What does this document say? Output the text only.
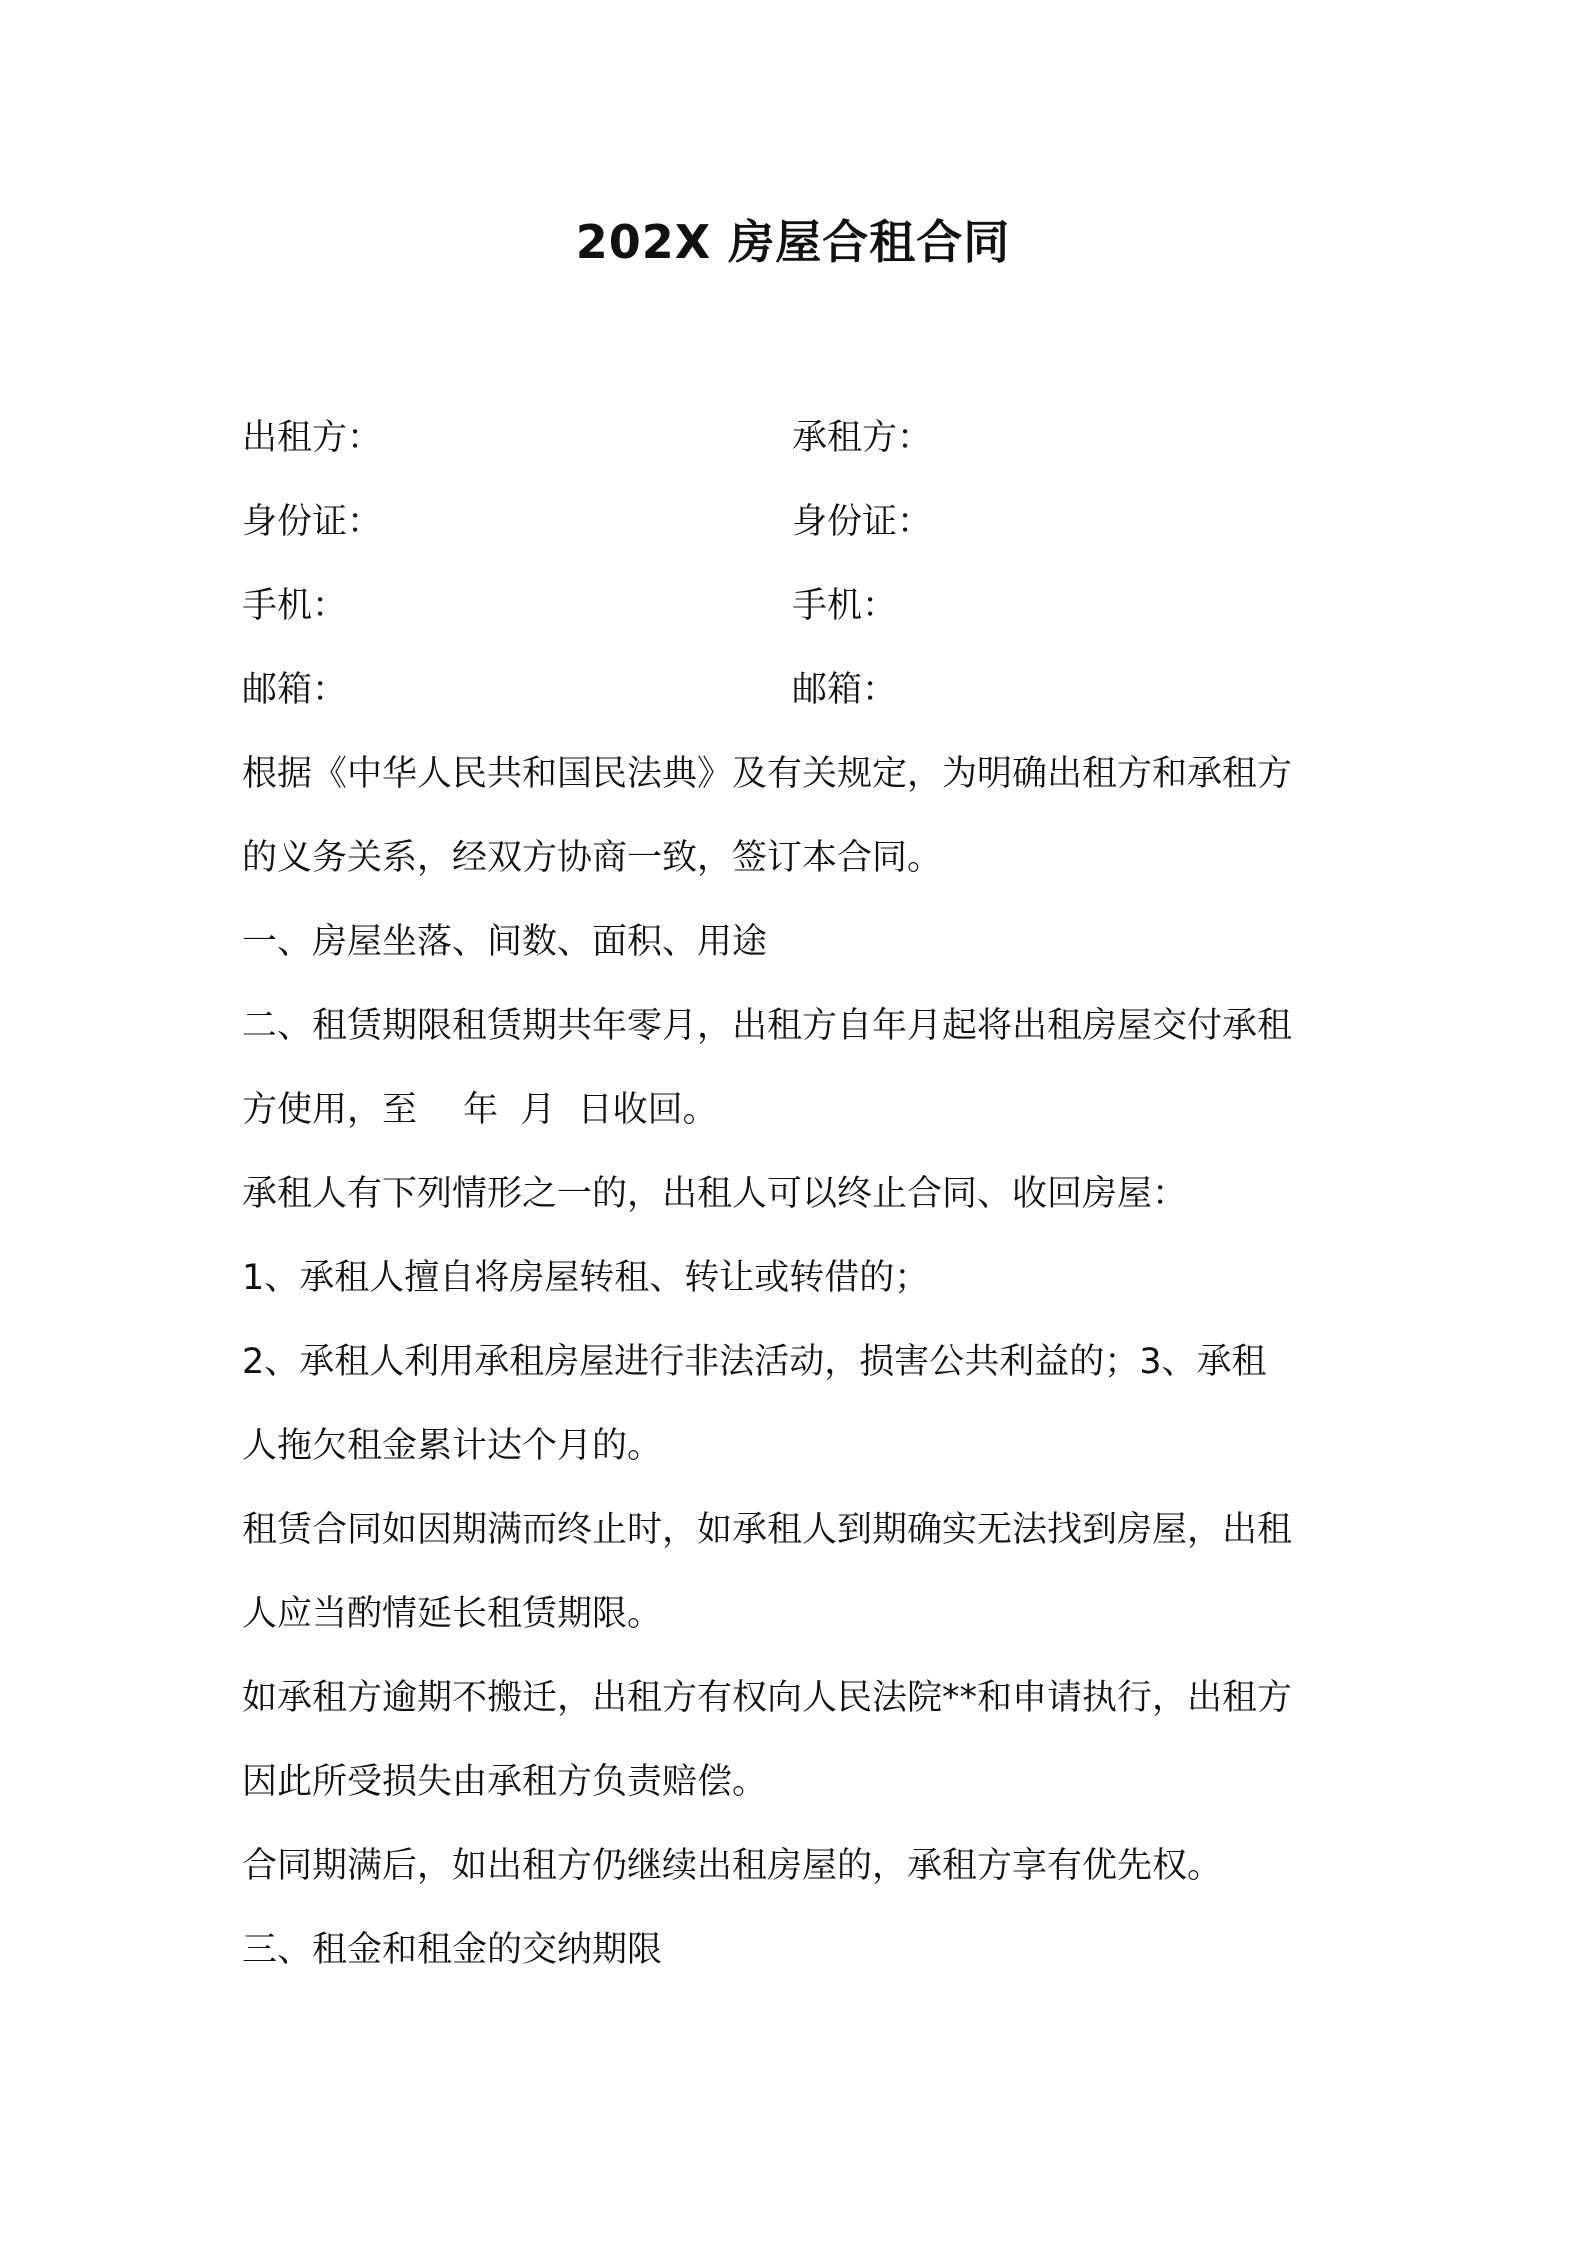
202X 房屋合租合同
出租方：	承租方：
身份证：	身份证：
手机：	手机：
邮箱：	邮箱：
根据《中华人民共和国民法典》及有关规定，为明确出租方和承租方
的义务关系，经双方协商一致，签订本合同。
一、房屋坐落、间数、面积、用途
二、租赁期限租赁期共年零月，出租方自年月起将出租房屋交付承租
方使用，至　 年  月  日收回。
承租人有下列情形之一的，出租人可以终止合同、收回房屋：
1、承租人擅自将房屋转租、转让或转借的；
2、承租人利用承租房屋进行非法活动，损害公共利益的；3、承租
人拖欠租金累计达个月的。
租赁合同如因期满而终止时，如承租人到期确实无法找到房屋，出租
人应当酌情延长租赁期限。
如承租方逾期不搬迁，出租方有权向人民法院**和申请执行，出租方
因此所受损失由承租方负责赔偿。
合同期满后，如出租方仍继续出租房屋的，承租方享有优先权。
三、租金和租金的交纳期限
